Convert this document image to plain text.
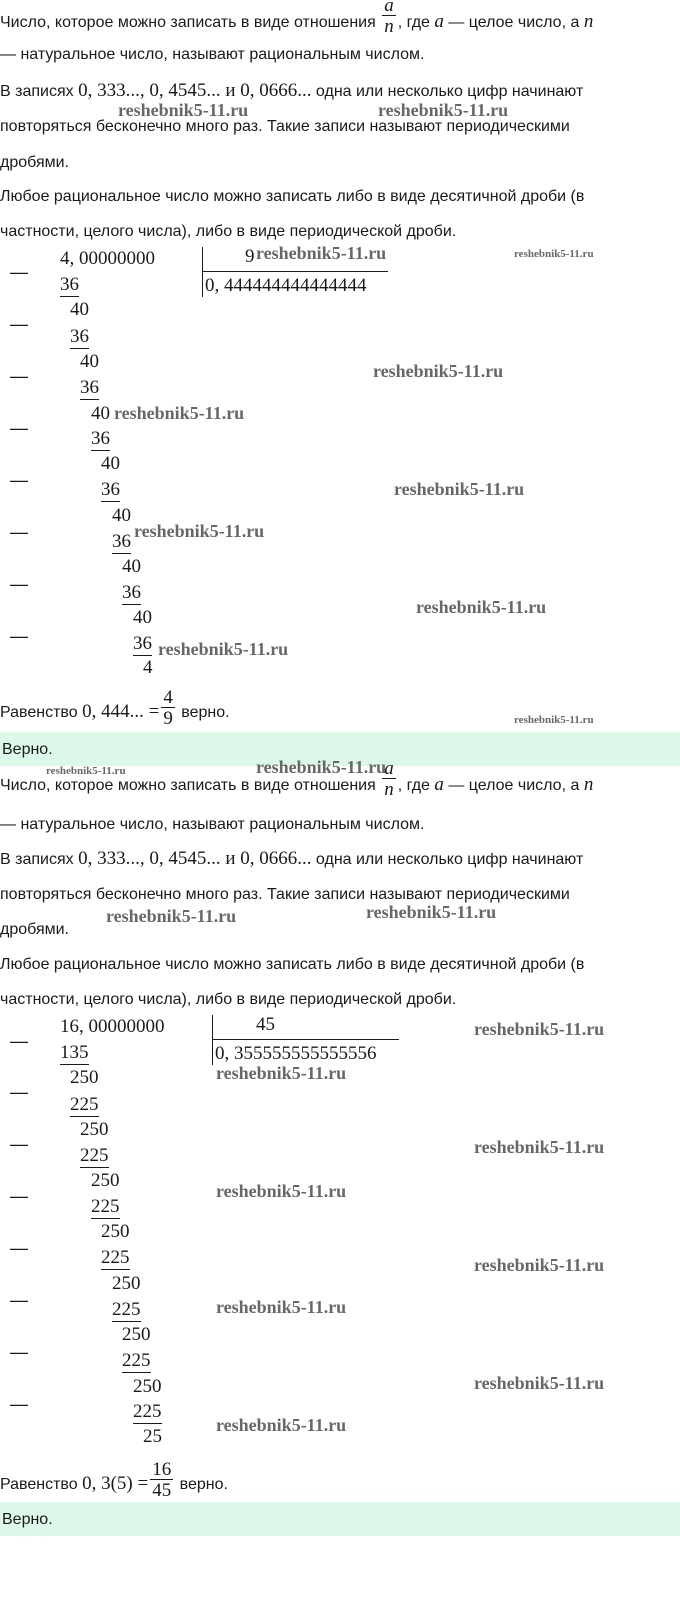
Число, которое можно записать в виде отношения $\frac{a}{n}$ , где a — целое число, а n
— натуральное число, называют рациональным числом.
В записях 0, 333..., 0, 4545... и 0, 0666... одна или несколько цифр начинают
повторяться бесконечно много раз. Такие записи называют периодическими
дробями.
Любое рациональное число можно записать либо в виде десятичной дроби (в
частности, целого числа), либо в виде периодической дроби.
4, 00000000	9
0, 444444444444444
—
—
—
—
—
—
—
—
36
40
36
40
36
40
36
40
36
40
36
40
36
40
36
4
Равенство 0, 444... = $\frac{4}{9}$ верно.
Верно.
Число, которое можно записать в виде отношения $\frac{a}{n}$ , где a — целое число, а n
— натуральное число, называют рациональным числом.
В записях 0, 333..., 0, 4545... и 0, 0666... одна или несколько цифр начинают
повторяться бесконечно много раз. Такие записи называют периодическими
дробями.
Любое рациональное число можно записать либо в виде десятичной дроби (в
частности, целого числа), либо в виде периодической дроби.
16, 00000000	45
0, 355555555555556
—
—
—
—
—
—
—
—
135
250
225
250
225
250
225
250
225
250
225
250
225
250
225
25
Равенство 0, $3(5) = \frac{16}{45}$ верно.
Верно.
reshebnik5-11.ru	reshebnik5-11.ru
reshebnik5-11.ru	reshebnik5-11.ru
reshebnik5-11.ru
reshebnik5-11.ru
reshebnik5-11.ru
reshebnik5-11.ru
reshebnik5-11.ru
reshebnik5-11.ru
reshebnik5-11.ru
reshebnik5-11.ru	reshebnik5-11.ru
reshebnik5-11.ru	reshebnik5-11.ru
reshebnik5-11.ru
reshebnik5-11.ru
reshebnik5-11.ru
reshebnik5-11.ru
reshebnik5-11.ru
reshebnik5-11.ru
reshebnik5-11.ru
reshebnik5-11.ru
